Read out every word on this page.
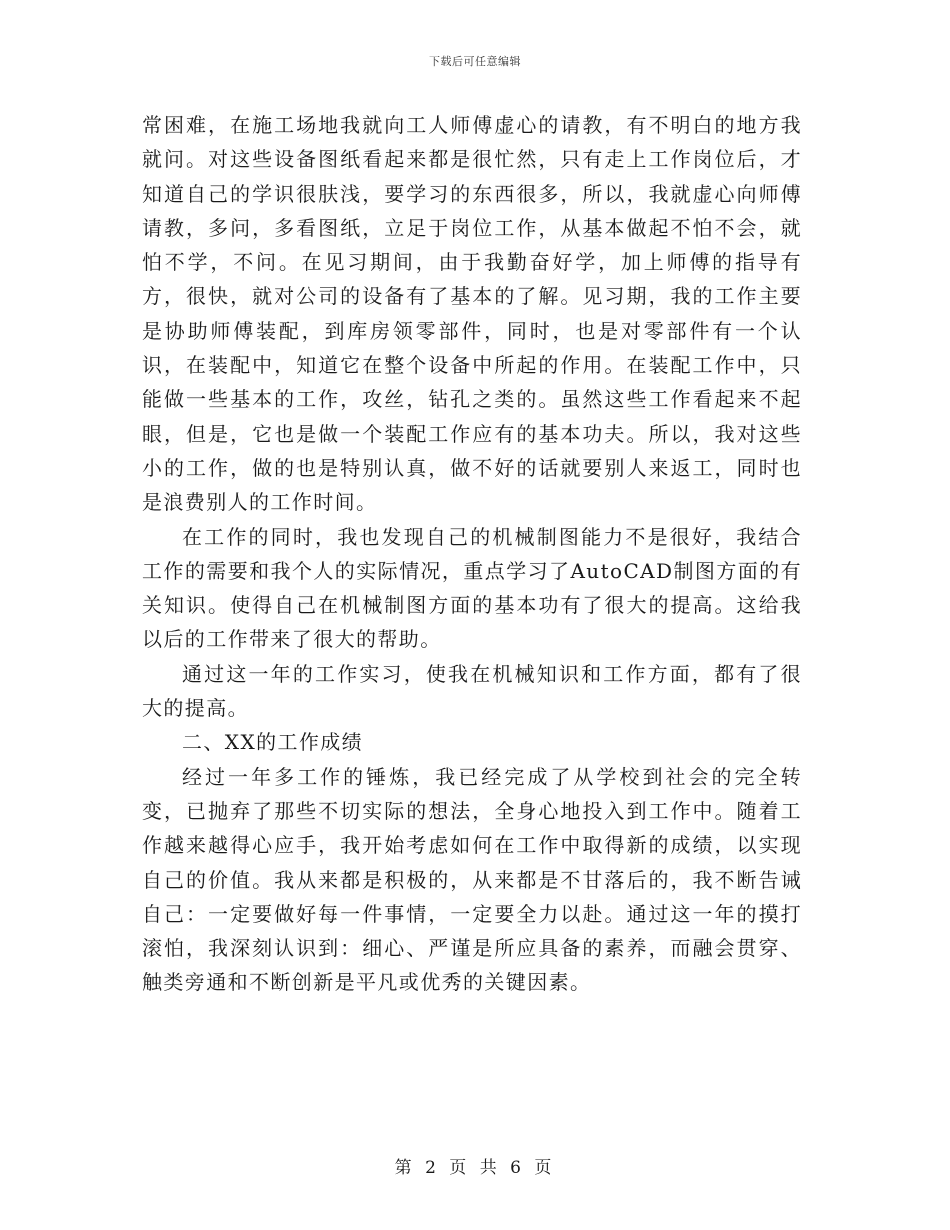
下载后可任意编辑

常困难，在施工场地我就向工人师傅虚心的请教，有不明白的地方我就问。对这些设备图纸看起来都是很忙然，只有走上工作岗位后，才知道自己的学识很肤浅，要学习的东西很多，所以，我就虚心向师傅请教，多问，多看图纸，立足于岗位工作，从基本做起不怕不会，就怕不学，不问。在见习期间，由于我勤奋好学，加上师傅的指导有方，很快，就对公司的设备有了基本的了解。见习期，我的工作主要是协助师傅装配，到库房领零部件，同时，也是对零部件有一个认识，在装配中，知道它在整个设备中所起的作用。在装配工作中，只能做一些基本的工作，攻丝，钻孔之类的。虽然这些工作看起来不起眼，但是，它也是做一个装配工作应有的基本功夫。所以，我对这些小的工作，做的也是特别认真，做不好的话就要别人来返工，同时也是浪费别人的工作时间。

在工作的同时，我也发现自己的机械制图能力不是很好，我结合工作的需要和我个人的实际情况，重点学习了AutoCAD制图方面的有关知识。使得自己在机械制图方面的基本功有了很大的提高。这给我以后的工作带来了很大的帮助。

通过这一年的工作实习，使我在机械知识和工作方面，都有了很大的提高。

二、XX的工作成绩

经过一年多工作的锤炼，我已经完成了从学校到社会的完全转变，已抛弃了那些不切实际的想法，全身心地投入到工作中。随着工作越来越得心应手，我开始考虑如何在工作中取得新的成绩，以实现自己的价值。我从来都是积极的，从来都是不甘落后的，我不断告诫自己：一定要做好每一件事情，一定要全力以赴。通过这一年的摸打滚怕，我深刻认识到：细心、严谨是所应具备的素养，而融会贯穿、触类旁通和不断创新是平凡或优秀的关键因素。

第 2 页 共 6 页
